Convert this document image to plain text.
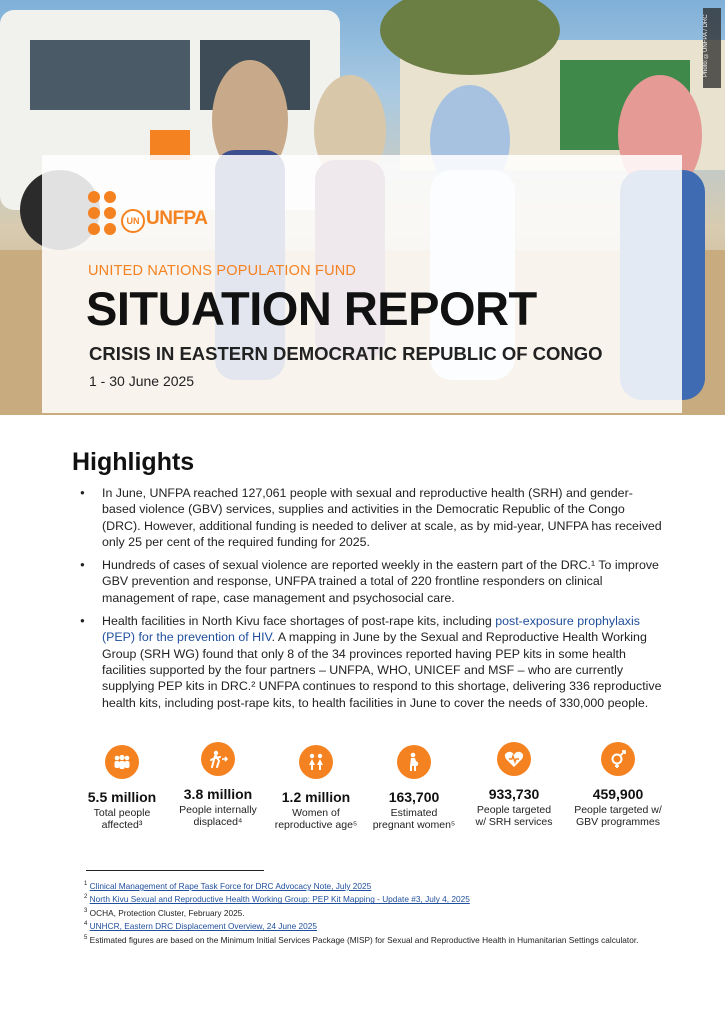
Photo: ©UNFPA / DRC
UN UNFPA
UNITED NATIONS POPULATION FUND
SITUATION REPORT
CRISIS IN EASTERN DEMOCRATIC REPUBLIC OF CONGO
1 - 30 June 2025
Highlights
● In June, UNFPA reached 127,061 people with sexual and reproductive health (SRH) and gender-based violence (GBV) services, supplies and activities in the Democratic Republic of the Congo (DRC). However, additional funding is needed to deliver at scale, as by mid-year, UNFPA has received only 25 per cent of the required funding for 2025.
● Hundreds of cases of sexual violence are reported weekly in the eastern part of the DRC.¹ To improve GBV prevention and response, UNFPA trained a total of 220 frontline responders on clinical management of rape, case management and psychosocial care.
● Health facilities in North Kivu face shortages of post-rape kits, including post-exposure prophylaxis (PEP) for the prevention of HIV. A mapping in June by the Sexual and Reproductive Health Working Group (SRH WG) found that only 8 of the 34 provinces reported having PEP kits in some health facilities supported by the four partners – UNFPA, WHO, UNICEF and MSF – who are currently supplying PEP kits in DRC.² UNFPA continues to respond to this shortage, delivering 336 reproductive health kits, including post-rape kits, to health facilities in June to cover the needs of 330,000 people.
5.5 million
Total people
affected³
3.8 million
People internally
displaced⁴
1.2 million
Women of
reproductive age⁵
163,700
Estimated
pregnant women⁵
933,730
People targeted
w/ SRH services
459,900
People targeted w/
GBV programmes
$^1$ Clinical Management of Rape Task Force for DRC Advocacy Note, July 2025
$^2$ North Kivu Sexual and Reproductive Health Working Group: PEP Kit Mapping - Update #3, July 4, 2025
$^3$ OCHA, Protection Cluster, February 2025.
$^4$ UNHCR, Eastern DRC Displacement Overview, 24 June 2025
$^5$ Estimated figures are based on the Minimum Initial Services Package (MISP) for Sexual and Reproductive Health in Humanitarian Settings calculator.
